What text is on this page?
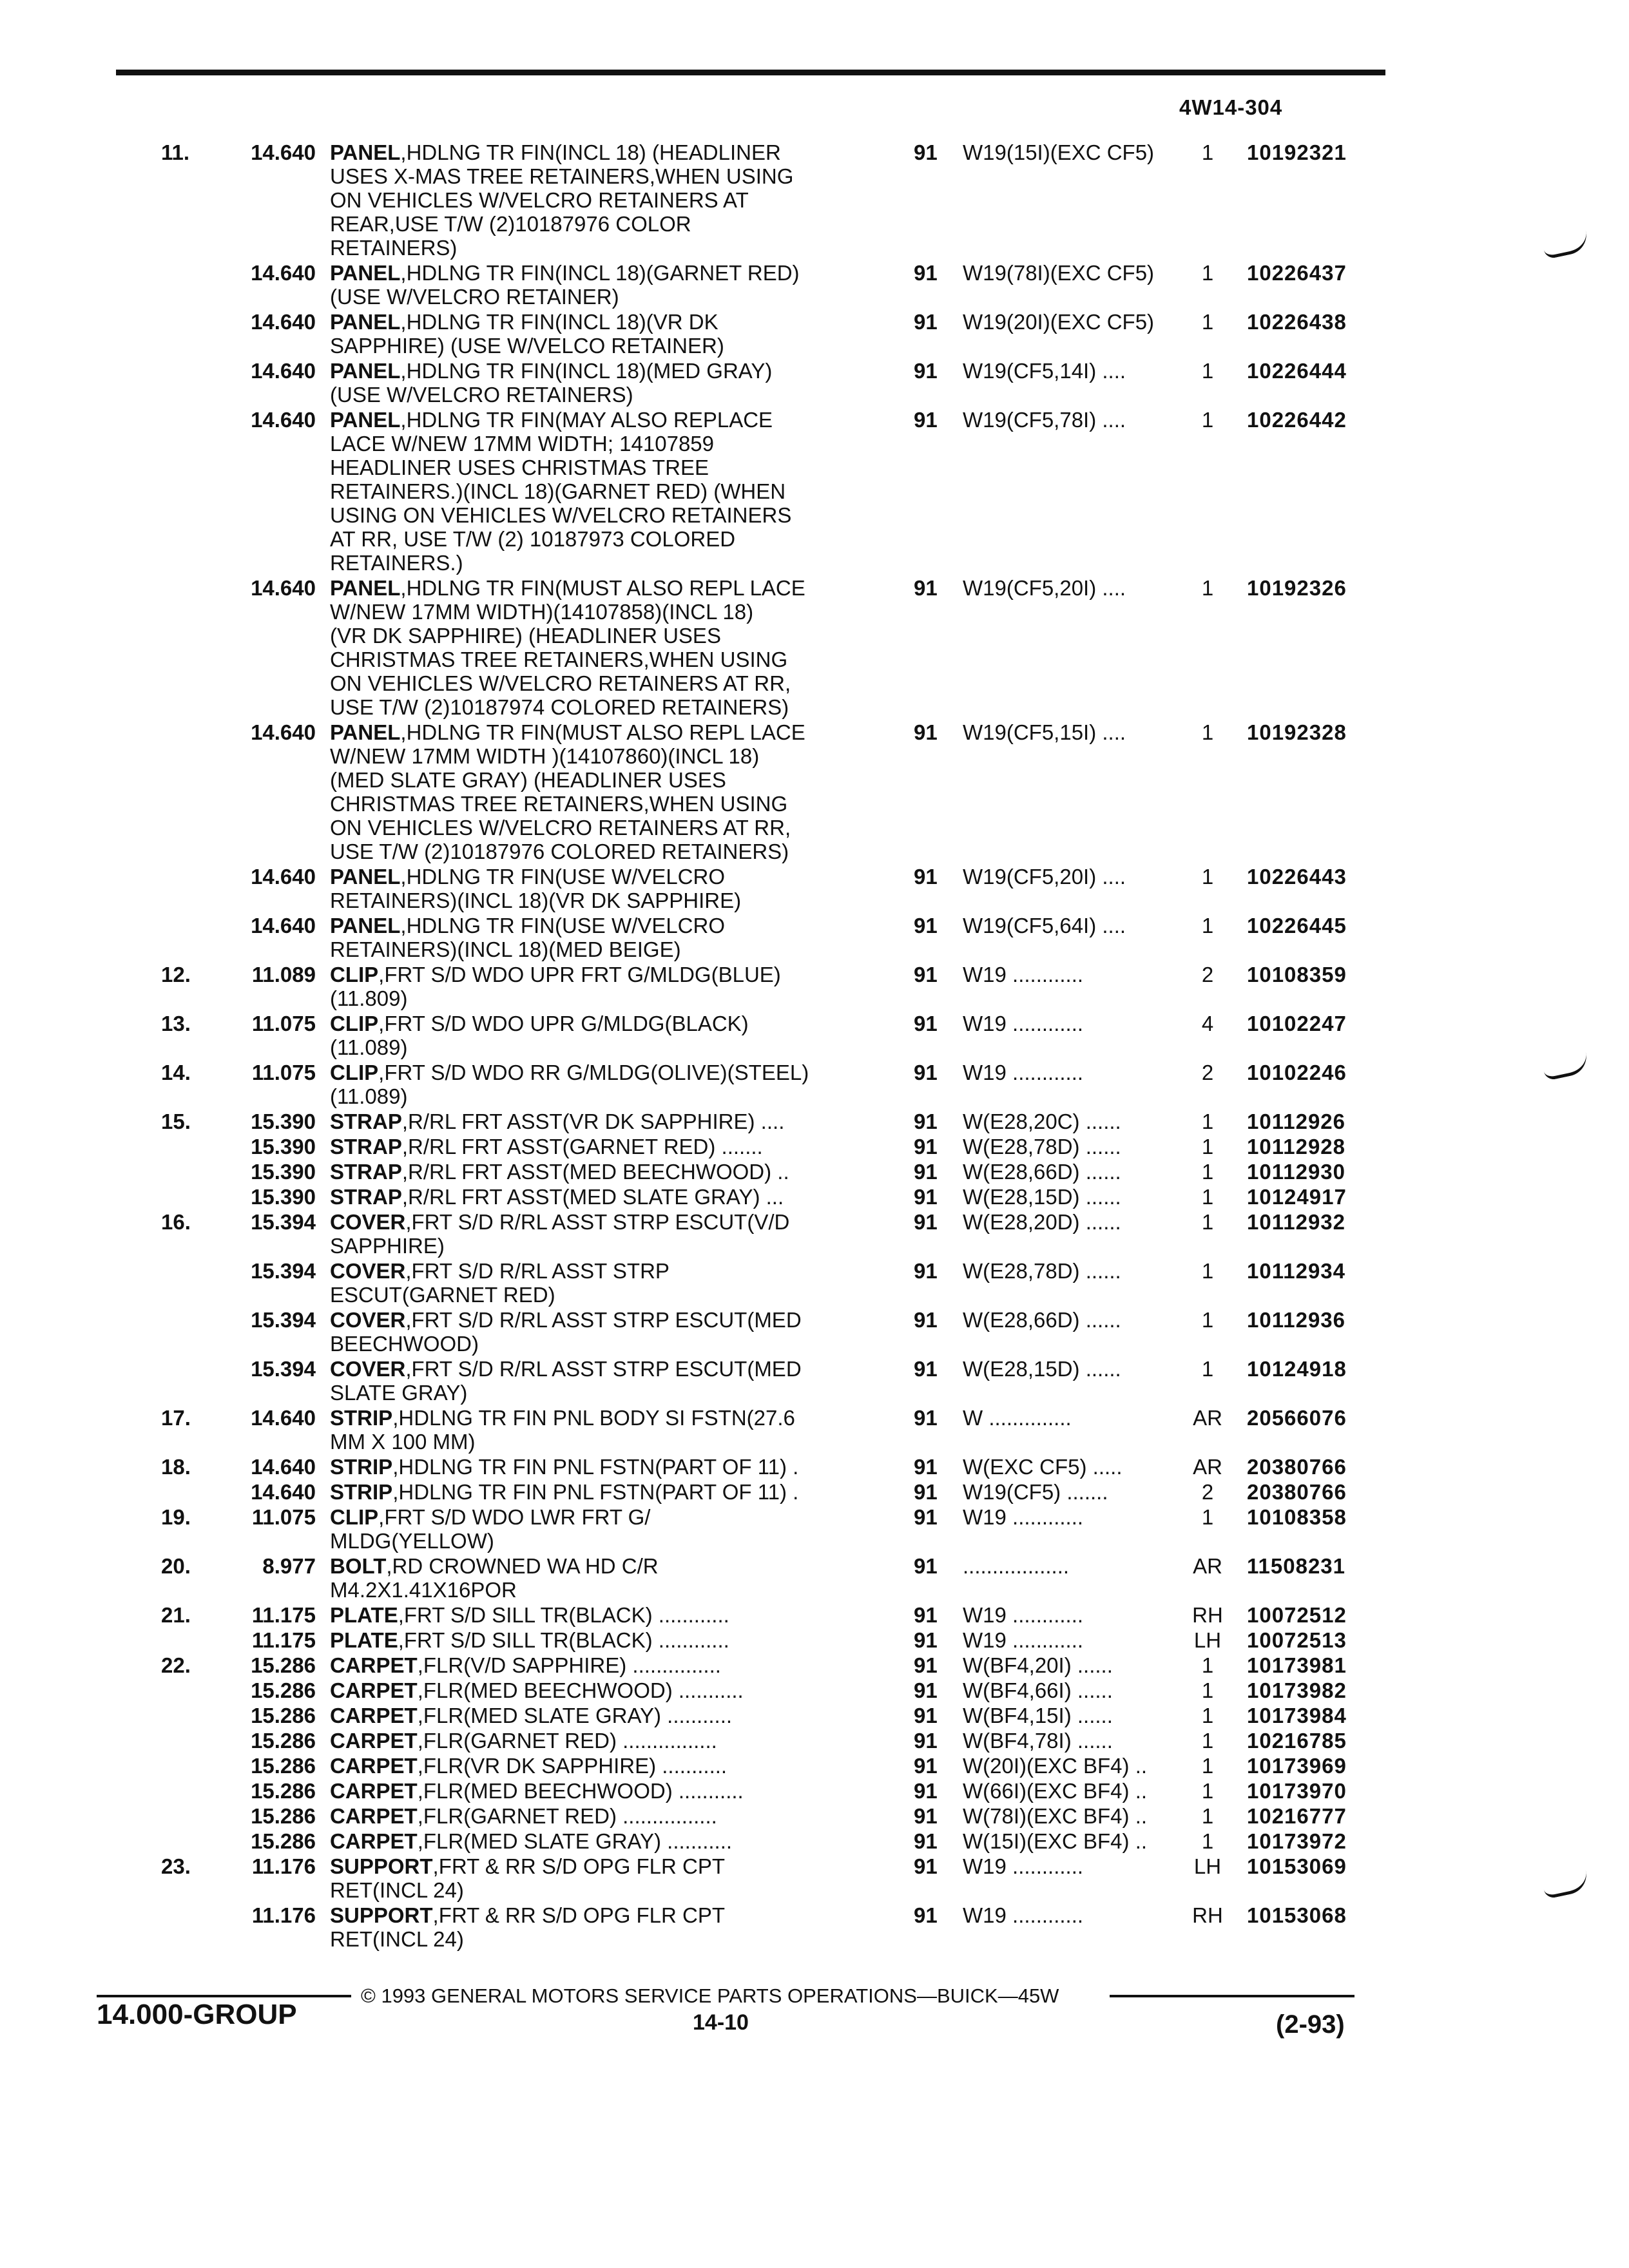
4W14-304
11.	14.640 PANEL,HDLNG TR FIN(INCL 18) (HEADLINER
USES X-MAS TREE RETAINERS,WHEN USING
ON VEHICLES W/VELCRO RETAINERS AT
REAR,USE T/W (2)10187976 COLOR
RETAINERS)
91 W19(15I)(EXC CF5)	1	10192321
14.640 PANEL,HDLNG TR FIN(INCL 18)(GARNET RED)
(USE W/VELCRO RETAINER)
91 W19(78I)(EXC CF5)	1	10226437
14.640 PANEL,HDLNG TR FIN(INCL 18)(VR DK
SAPPHIRE) (USE W/VELCO RETAINER)
91 W19(20I)(EXC CF5)	1	10226438
14.640 PANEL,HDLNG TR FIN(INCL 18)(MED GRAY)
(USE W/VELCRO RETAINERS)
91 W19(CF5,14I) ....	1	10226444
14.640 PANEL,HDLNG TR FIN(MAY ALSO REPLACE
LACE W/NEW 17MM WIDTH; 14107859
HEADLINER USES CHRISTMAS TREE
RETAINERS.)(INCL 18)(GARNET RED) (WHEN
USING ON VEHICLES W/VELCRO RETAINERS
AT RR, USE T/W (2) 10187973 COLORED
RETAINERS.)
91 W19(CF5,78I) ....	1	10226442
14.640 PANEL,HDLNG TR FIN(MUST ALSO REPL LACE
W/NEW 17MM WIDTH)(14107858)(INCL 18)
(VR DK SAPPHIRE) (HEADLINER USES
CHRISTMAS TREE RETAINERS,WHEN USING
ON VEHICLES W/VELCRO RETAINERS AT RR,
USE T/W (2)10187974 COLORED RETAINERS)
91 W19(CF5,20I) ....	1	10192326
14.640 PANEL,HDLNG TR FIN(MUST ALSO REPL LACE
W/NEW 17MM WIDTH )(14107860)(INCL 18)
(MED SLATE GRAY) (HEADLINER USES
CHRISTMAS TREE RETAINERS,WHEN USING
ON VEHICLES W/VELCRO RETAINERS AT RR,
USE T/W (2)10187976 COLORED RETAINERS)
91 W19(CF5,15I) ....	1	10192328
14.640 PANEL,HDLNG TR FIN(USE W/VELCRO
RETAINERS)(INCL 18)(VR DK SAPPHIRE)
91 W19(CF5,20I) ....	1	10226443
14.640 PANEL,HDLNG TR FIN(USE W/VELCRO
RETAINERS)(INCL 18)(MED BEIGE)
91 W19(CF5,64I) ....	1	10226445
12.	11.089 CLIP,FRT S/D WDO UPR FRT G/MLDG(BLUE)
(11.809)
91 W19 ............	2	10108359
13.	11.075 CLIP,FRT S/D WDO UPR G/MLDG(BLACK)
(11.089)
91 W19 ............	4	10102247
14.	11.075 CLIP,FRT S/D WDO RR G/MLDG(OLIVE)(STEEL)
(11.089)
91 W19 ............	2	10102246
15.	15.390 STRAP,R/RL FRT ASST(VR DK SAPPHIRE) ....	91 W(E28,20C) ......	1	10112926
15.390 STRAP,R/RL FRT ASST(GARNET RED) .......	91 W(E28,78D) ......	1	10112928
15.390 STRAP,R/RL FRT ASST(MED BEECHWOOD) ..	91 W(E28,66D) ......	1	10112930
15.390 STRAP,R/RL FRT ASST(MED SLATE GRAY) ...	91 W(E28,15D) ......	1	10124917
16.	15.394 COVER,FRT S/D R/RL ASST STRP ESCUT(V/D
SAPPHIRE)
91 W(E28,20D) ......	1	10112932
15.394 COVER,FRT S/D R/RL ASST STRP
ESCUT(GARNET RED)
91 W(E28,78D) ......	1	10112934
15.394 COVER,FRT S/D R/RL ASST STRP ESCUT(MED
BEECHWOOD)
91 W(E28,66D) ......	1	10112936
15.394 COVER,FRT S/D R/RL ASST STRP ESCUT(MED
SLATE GRAY)
91 W(E28,15D) ......	1	10124918
17.	14.640 STRIP,HDLNG TR FIN PNL BODY SI FSTN(27.6
MM X 100 MM)
91 W ..............	AR	20566076
18.	14.640 STRIP,HDLNG TR FIN PNL FSTN(PART OF 11) .	91 W(EXC CF5) .....	AR	20380766
14.640 STRIP,HDLNG TR FIN PNL FSTN(PART OF 11) .	91 W19(CF5) .......	2	20380766
19.	11.075 CLIP,FRT S/D WDO LWR FRT G/
MLDG(YELLOW)
91 W19 ............	1	10108358
20.	8.977 BOLT,RD CROWNED WA HD C/R
M4.2X1.41X16POR
91 ..................	AR	11508231
21.	11.175 PLATE,FRT S/D SILL TR(BLACK) ............	91 W19 ............	RH	10072512
11.175 PLATE,FRT S/D SILL TR(BLACK) ............	91 W19 ............	LH	10072513
22.	15.286 CARPET,FLR(V/D SAPPHIRE) ...............	91 W(BF4,20I) ......	1	10173981
15.286 CARPET,FLR(MED BEECHWOOD) ...........	91 W(BF4,66I) ......	1	10173982
15.286 CARPET,FLR(MED SLATE GRAY) ...........	91 W(BF4,15I) ......	1	10173984
15.286 CARPET,FLR(GARNET RED) ................	91 W(BF4,78I) ......	1	10216785
15.286 CARPET,FLR(VR DK SAPPHIRE) ...........	91 W(20I)(EXC BF4) ..	1	10173969
15.286 CARPET,FLR(MED BEECHWOOD) ...........	91 W(66I)(EXC BF4) ..	1	10173970
15.286 CARPET,FLR(GARNET RED) ................	91 W(78I)(EXC BF4) ..	1	10216777
15.286 CARPET,FLR(MED SLATE GRAY) ...........	91 W(15I)(EXC BF4) ..	1	10173972
23.	11.176 SUPPORT,FRT & RR S/D OPG FLR CPT
RET(INCL 24)
91 W19 ............	LH	10153069
11.176 SUPPORT,FRT & RR S/D OPG FLR CPT
RET(INCL 24)
91 W19 ............	RH	10153068
© 1993 GENERAL MOTORS SERVICE PARTS OPERATIONS—BUICK—45W
14.000-GROUP	14-10	(2-93)
